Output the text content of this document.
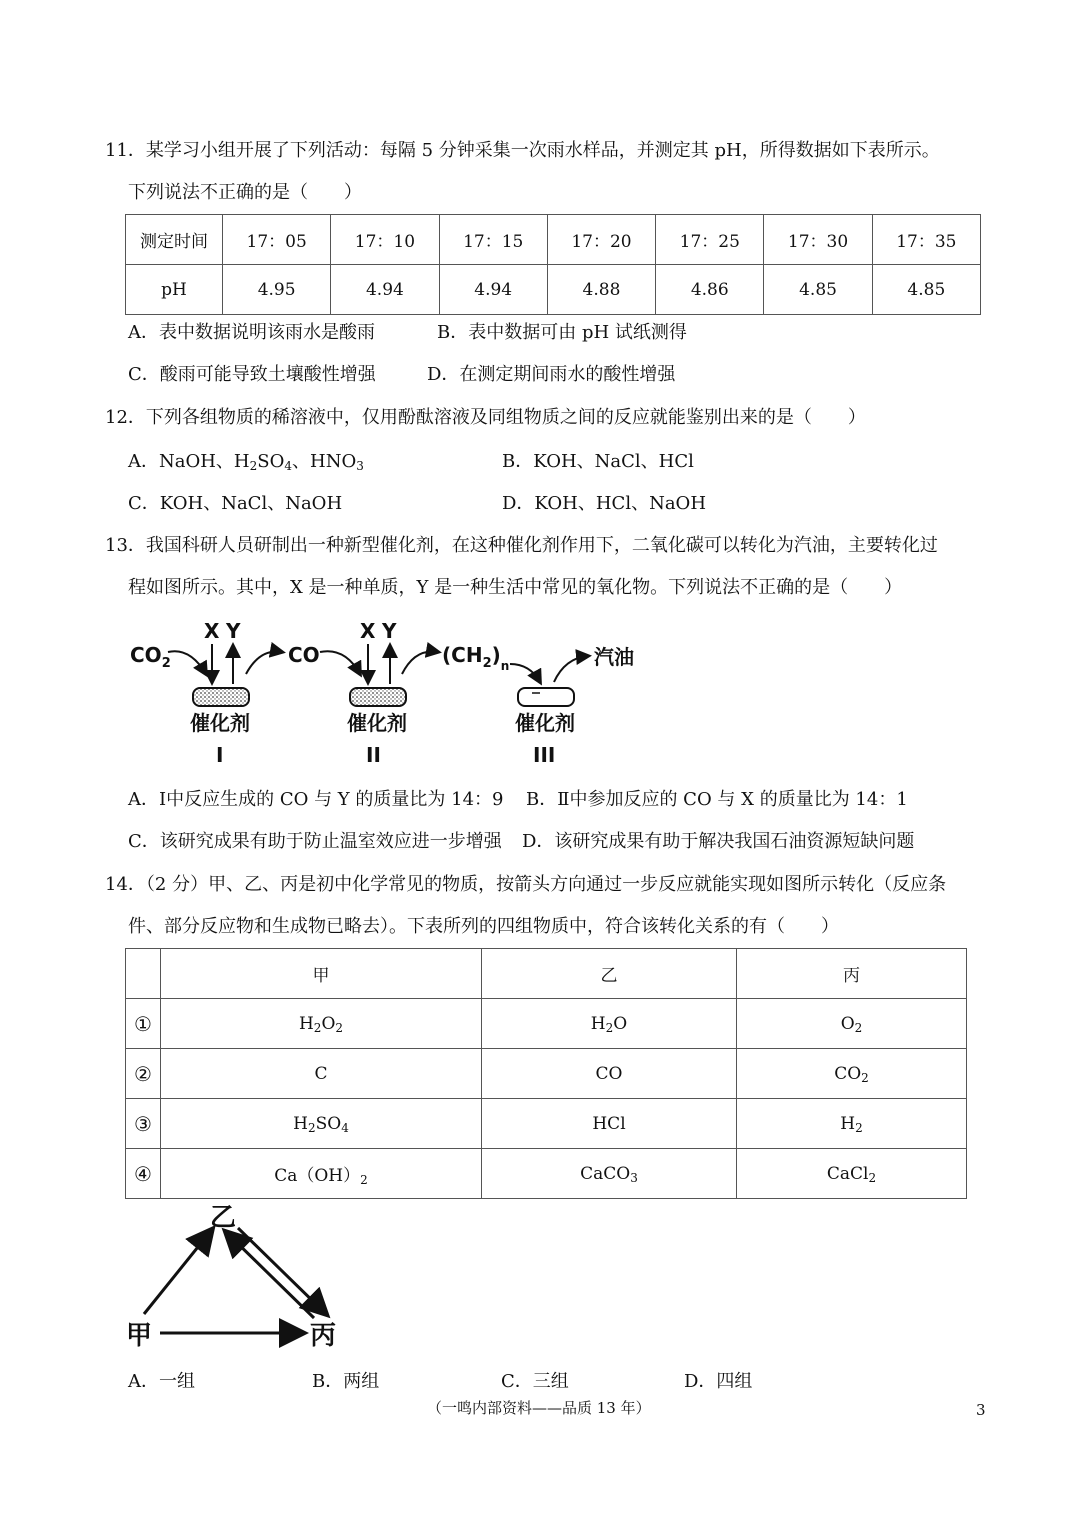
11．某学习小组开展了下列活动：每隔 5 分钟采集一次雨水样品，并测定其 pH，所得数据如下表所示。
下列说法不正确的是（　　）
测定时间	17：05	17：10	17：15	17：20	17：25	17：30	17：35
pH	4.95	4.94	4.94	4.88	4.86	4.85	4.85
A．表中数据说明该雨水是酸雨	B．表中数据可由 pH 试纸测得
C．酸雨可能导致土壤酸性增强	D．在测定期间雨水的酸性增强
12．下列各组物质的稀溶液中，仅用酚酞溶液及同组物质之间的反应就能鉴别出来的是（　　）
A．NaOH、$H_2SO_4$、$HNO_3$	B．KOH、NaCl、HCl
C．KOH、NaCl、NaOH	D．KOH、HCl、NaOH
13．我国科研人员研制出一种新型催化剂，在这种催化剂作用下，二氧化碳可以转化为汽油，主要转化过
程如图所示。其中，X 是一种单质，Y 是一种生活中常见的氧化物。下列说法不正确的是（　　）
$CO_2$
X Y
催化剂
I
CO
X Y
催化剂
II
$(CH_2)_n$
催化剂
III
汽油
A．Ⅰ中反应生成的 CO 与 Y 的质量比为 14：9 B．Ⅱ中参加反应的 CO 与 X 的质量比为 14：1
C．该研究成果有助于防止温室效应进一步增强 D．该研究成果有助于解决我国石油资源短缺问题
14．（2 分）甲、乙、丙是初中化学常见的物质，按箭头方向通过一步反应就能实现如图所示转化（反应条
件、部分反应物和生成物已略去）。下表所列的四组物质中，符合该转化关系的有（　　）
	甲	乙	丙
①	$H_2O_2$	$H_2O$	$O_2$
②	C	CO	$CO_2$
③	$H_2SO_4$	HCl	$H_2$
④	$Ca(OH)_2$	CaCO$_3$	CaCl$_2$
乙
甲	丙
A．一组	B．两组	C．三组	D．四组
（一鸣内部资料——品质 13 年）	3
